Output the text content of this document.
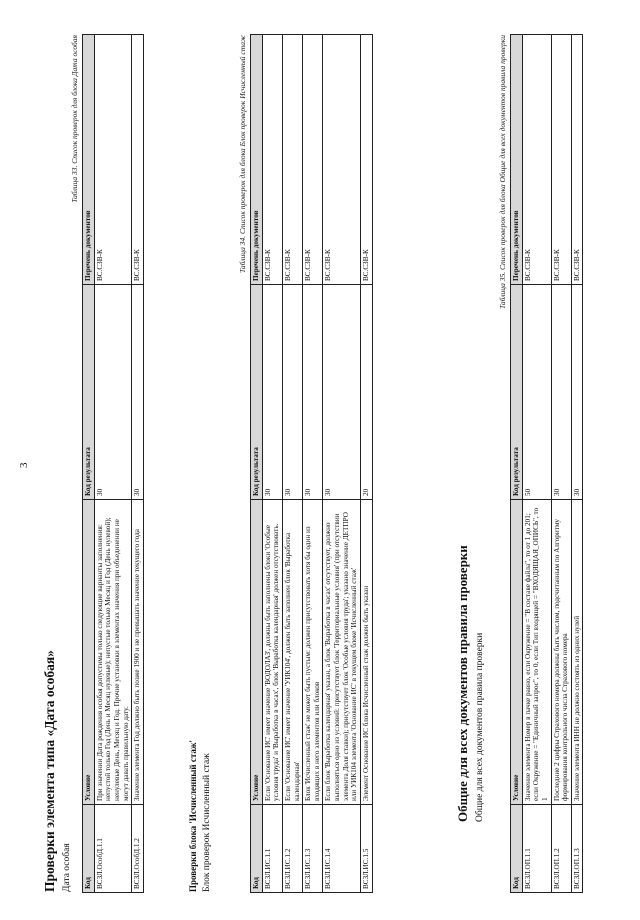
3
Проверки элемента типа «Дата особая» Дата особая
Таблица 33. Список проверок для блока Дата особая
Код	Условие	Код результата	Перечень документов
ВСЗЛ.ОсобД.1.1	При значении Дата рождения особая допустимы только следующие варианты заполнения: непустой только Год (День и Месяц нулевые); непустые только Месяц и Год (День нулевой); ненулевые День, Месяц и Год. Прочие установки в элементах значения при объединении не могут давать правильную дату.	30	ВС.СЗВ-К
ВСЗЛ.ОсобД.1.2	Значение элемента Год должно быть позже 1900 и не превышать значение текущего года	30	ВС.СЗВ-К
Проверки блока 'Исчисленный стаж' Блок проверок Исчисленный стаж
Таблица 34. Список проверок для блока Блок проверок Исчисленный стаж
Код	Условие	Код результата	Перечень документов
ВСЗЛ.ИС.1.1	Если 'Основание ИС' имеет значение 'ВОДОЛАЗ', должны быть заполнены блоки 'Особые условия труда' и 'Выработка в часах', блок 'Выработка календарная' должен отсутствовать.	30	ВС.СЗВ-К
ВСЗЛ.ИС.1.2	Если 'Основание ИС' имеет значение 'УИК104', должен быть заполнен блок 'Выработка календарная'	30	ВС.СЗВ-К
ВСЗЛ.ИС.1.3	Блок 'Исчисленный стаж' не может быть пустым: должен присутствовать хотя бы один из входящих в него элементов или блоков	30	ВС.СЗВ-К
ВСЗЛ.ИС.1.4	Если блок 'Выработка календарная' указан, а блок 'Выработка в часах' отсутствует, должно выполняться одно из условий: присутствует блок 'Территориальные условия' (при отсутствии элемента Доля ставки); присутствует блок 'Особые условия труда'; указано значение ДЕТПРО или УИК104 элемента 'Основание ИС' в текущем блоке 'Исчисленный стаж'	30	ВС.СЗВ-К
ВСЗЛ.ИС.1.5	Элемент Основание ИС блока Исчисленный стаж должен быть указан	20	ВС.СЗВ-К
Общие для всех документов правила проверки Общие для всех документов правила проверки
Таблица 35. Список проверок для блока Общие для всех документов правила проверки
Код	Условие	Код результата	Перечень документов
ВСЗЛ.ОП.1.1	Значение элемента Номер в пачке равно, если Окружение = "В составе файла", то от 1 до 201; если Окружение = "Единичный запрос", то 0, если Тип входящей = "ВХОДЯЩАЯ_ОПИСЬ", то 1	50	ВС.СЗВ-К
ВСЗЛ.ОП.1.2	Последние 2 цифры Страхового номера должны быть числом, подсчитанным по Алгоритму формирования контрольного числа Страхового номера	30	ВС.СЗВ-К
ВСЗЛ.ОП.1.3	Значение элемента ИНН не должно состоять из одних нулей	30	ВС.СЗВ-К
